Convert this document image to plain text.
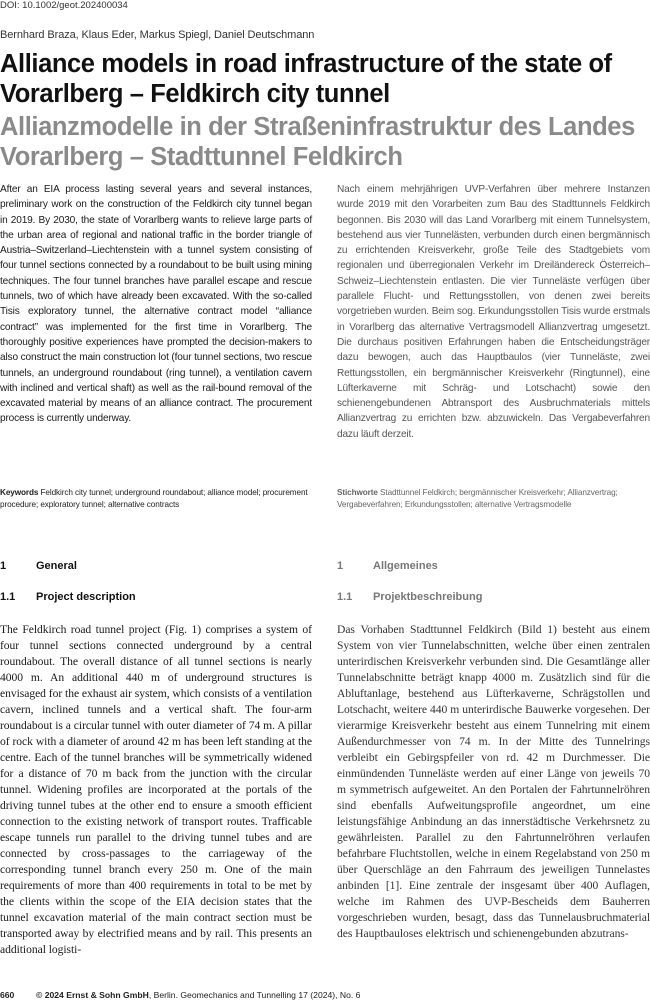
DOI: 10.1002/geot.202400034
Bernhard Braza, Klaus Eder, Markus Spiegl, Daniel Deutschmann
Alliance models in road infrastructure of the state of Vorarlberg – Feldkirch city tunnel
Allianzmodelle in der Straßeninfrastruktur des Landes Vorarlberg – Stadttunnel Feldkirch
After an EIA process lasting several years and several instances, preliminary work on the construction of the Feldkirch city tunnel began in 2019. By 2030, the state of Vorarlberg wants to relieve large parts of the urban area of regional and national traffic in the border triangle of Austria–Switzerland–Liechtenstein with a tunnel system consisting of four tunnel sections connected by a roundabout to be built using mining techniques. The four tunnel branches have parallel escape and rescue tunnels, two of which have already been excavated. With the so-called Tisis exploratory tunnel, the alternative contract model “alliance contract” was implemented for the first time in Vorarlberg. The thoroughly positive experiences have prompted the decision-makers to also construct the main construction lot (four tunnel sections, two rescue tunnels, an underground roundabout (ring tunnel), a ventilation cavern with inclined and vertical shaft) as well as the rail-bound removal of the excavated material by means of an alliance contract. The procurement process is currently underway.
Nach einem mehrjährigen UVP-Verfahren über mehrere Instanzen wurde 2019 mit den Vorarbeiten zum Bau des Stadttunnels Feldkirch begonnen. Bis 2030 will das Land Vorarlberg mit einem Tunnelsystem, bestehend aus vier Tunnelästen, verbunden durch einen bergmännisch zu errichtenden Kreisverkehr, große Teile des Stadtgebiets vom regionalen und überregionalen Verkehr im Dreiländereck Österreich–Schweiz–Liechtenstein entlasten. Die vier Tunneläste verfügen über parallele Flucht- und Rettungsstollen, von denen zwei bereits vorgetrieben wurden. Beim sog. Erkundungsstollen Tisis wurde erstmals in Vorarlberg das alternative Vertragsmodell Allianzvertrag umgesetzt. Die durchaus positiven Erfahrungen haben die Entscheidungsträger dazu bewogen, auch das Hauptbaulos (vier Tunneläste, zwei Rettungsstollen, ein bergmännischer Kreisverkehr (Ringtunnel), eine Lüfterkaverne mit Schräg- und Lotschacht) sowie den schienengebundenen Abtransport des Ausbruchmaterials mittels Allianzvertrag zu errichten bzw. abzuwickeln. Das Vergabeverfahren dazu läuft derzeit.
Keywords Feldkirch city tunnel; underground roundabout; alliance model; procurement procedure; exploratory tunnel; alternative contracts
Stichworte Stadttunnel Feldkirch; bergmännischer Kreisverkehr; Allianzvertrag; Vergabeverfahren; Erkundungsstollen; alternative Vertragsmodelle
1	General	1	Allgemeines
1.1 Project description	1.1 Projektbeschreibung
The Feldkirch road tunnel project (Fig. 1) comprises a system of four tunnel sections connected underground by a central roundabout. The overall distance of all tunnel sections is nearly 4000 m. An additional 440 m of underground structures is envisaged for the exhaust air system, which consists of a ventilation cavern, inclined tunnels and a vertical shaft. The four-arm roundabout is a circular tunnel with outer diameter of 74 m. A pillar of rock with a diameter of around 42 m has been left standing at the centre. Each of the tunnel branches will be symmetrically widened for a distance of 70 m back from the junction with the circular tunnel. Widening profiles are incorporated at the portals of the driving tunnel tubes at the other end to ensure a smooth efficient connection to the existing network of transport routes. Trafficable escape tunnels run parallel to the driving tunnel tubes and are connected by cross-passages to the carriageway of the corresponding tunnel branch every 250 m. One of the main requirements of more than 400 requirements in total to be met by the clients within the scope of the EIA decision states that the tunnel excavation material of the main contract section must be transported away by electrified means and by rail. This presents an additional logisti-
Das Vorhaben Stadttunnel Feldkirch (Bild 1) besteht aus einem System von vier Tunnelabschnitten, welche über einen zentralen unterirdischen Kreisverkehr verbunden sind. Die Gesamtlänge aller Tunnelabschnitte beträgt knapp 4000 m. Zusätzlich sind für die Abluftanlage, bestehend aus Lüfterkaverne, Schrägstollen und Lotschacht, weitere 440 m unterirdische Bauwerke vorgesehen. Der vierarmige Kreisverkehr besteht aus einem Tunnelring mit einem Außendurchmesser von 74 m. In der Mitte des Tunnelrings verbleibt ein Gebirgspfeiler von rd. 42 m Durchmesser. Die einmündenden Tunneläste werden auf einer Länge von jeweils 70 m symmetrisch aufgeweitet. An den Portalen der Fahrtunnelröhren sind ebenfalls Aufweitungsprofile angeordnet, um eine leistungsfähige Anbindung an das innerstädtische Verkehrsnetz zu gewährleisten. Parallel zu den Fahrtunnelröhren verlaufen befahrbare Fluchtstollen, welche in einem Regelabstand von 250 m über Querschläge an den Fahrraum des jeweiligen Tunnelastes anbinden [1]. Eine zentrale der insgesamt über 400 Auflagen, welche im Rahmen des UVP-Bescheids dem Bauherren vorgeschrieben wurden, besagt, dass das Tunnelausbruchmaterial des Hauptbauloses elektrisch und schienengebunden abzutrans-
660	© 2024 Ernst & Sohn GmbH, Berlin. Geomechanics and Tunnelling 17 (2024), No. 6
